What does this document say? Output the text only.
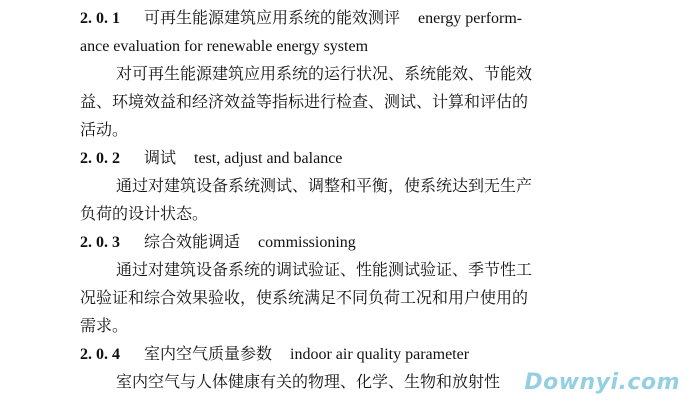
2. 0. 1 可再生能源建筑应用系统的能效测评 energy perform-
ance evaluation for renewable energy system
对可再生能源建筑应用系统的运行状况、系统能效、节能效
益、环境效益和经济效益等指标进行检查、测试、计算和评估的
活动。
2. 0. 2 调试 test, adjust and balance
通过对建筑设备系统测试、调整和平衡，使系统达到无生产
负荷的设计状态。
2. 0. 3 综合效能调适 commissioning
通过对建筑设备系统的调试验证、性能测试验证、季节性工
况验证和综合效果验收，使系统满足不同负荷工况和用户使用的
需求。
2. 0. 4 室内空气质量参数 indoor air quality parameter
室内空气与人体健康有关的物理、化学、生物和放射性	Downyi.com
